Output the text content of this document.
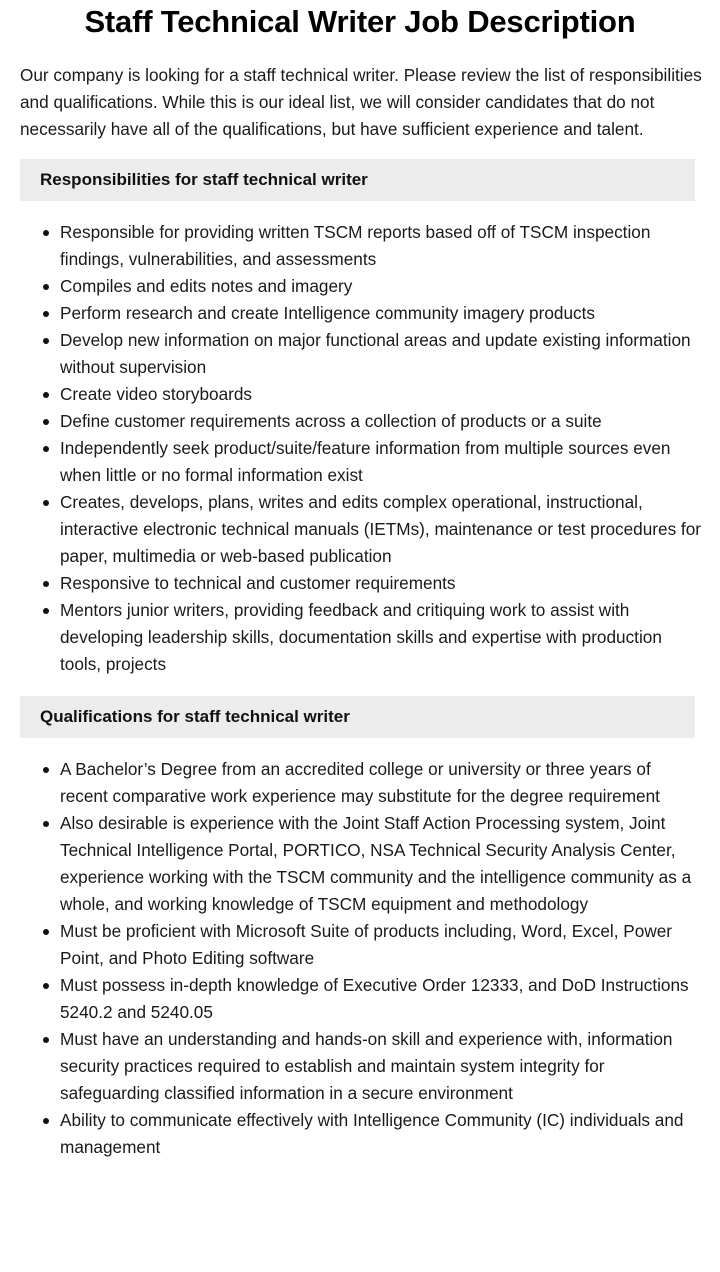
Staff Technical Writer Job Description

Our company is looking for a staff technical writer. Please review the list of responsibilities and qualifications. While this is our ideal list, we will consider candidates that do not necessarily have all of the qualifications, but have sufficient experience and talent.

Responsibilities for staff technical writer
Responsible for providing written TSCM reports based off of TSCM inspection findings, vulnerabilities, and assessments
Compiles and edits notes and imagery
Perform research and create Intelligence community imagery products
Develop new information on major functional areas and update existing information without supervision
Create video storyboards
Define customer requirements across a collection of products or a suite
Independently seek product/suite/feature information from multiple sources even when little or no formal information exist
Creates, develops, plans, writes and edits complex operational, instructional, interactive electronic technical manuals (IETMs), maintenance or test procedures for paper, multimedia or web-based publication
Responsive to technical and customer requirements
Mentors junior writers, providing feedback and critiquing work to assist with developing leadership skills, documentation skills and expertise with production tools, projects
Qualifications for staff technical writer
A Bachelor’s Degree from an accredited college or university or three years of recent comparative work experience may substitute for the degree requirement
Also desirable is experience with the Joint Staff Action Processing system, Joint Technical Intelligence Portal, PORTICO, NSA Technical Security Analysis Center, experience working with the TSCM community and the intelligence community as a whole, and working knowledge of TSCM equipment and methodology
Must be proficient with Microsoft Suite of products including, Word, Excel, Power Point, and Photo Editing software
Must possess in-depth knowledge of Executive Order 12333, and DoD Instructions 5240.2 and 5240.05
Must have an understanding and hands-on skill and experience with, information security practices required to establish and maintain system integrity for safeguarding classified information in a secure environment
Ability to communicate effectively with Intelligence Community (IC) individuals and management
